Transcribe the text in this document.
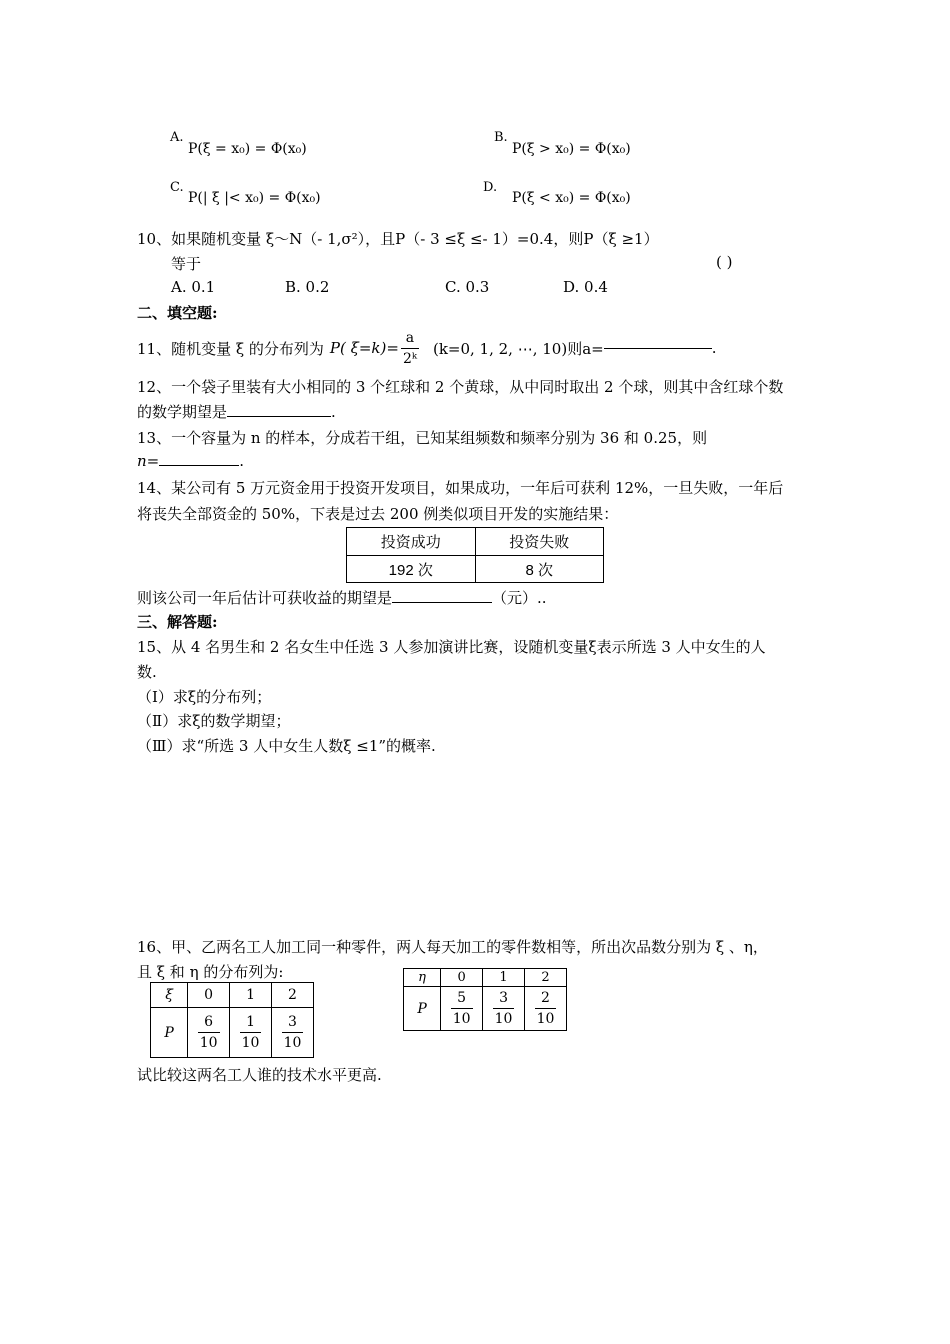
A.
P(ξ = x₀) = Φ(x₀)
B.
P(ξ > x₀) = Φ(x₀)
C.
P(| ξ |< x₀) = Φ(x₀)
D.
P(ξ < x₀) = Φ(x₀)
10、如果随机变量 ξ～N（- 1,σ²），且P（- 3 ≤ξ ≤- 1）=0.4，则P（ξ ≥1）
等于	( )
A. 0.1	B. 0.2	C. 0.3	D. 0.4
二、填空题:
11、随机变量 ξ 的分布列为 P( $\xi=k)= \frac{a}{\text{2ᵏ}} (k=0$, 1, 2, ⋯, 10)则a=	.
12、一个袋子里装有大小相同的 3 个红球和 2 个黄球，从中同时取出 2 个球，则其中含红球个数
的数学期望是	.
13、一个容量为 n 的样本，分成若干组，已知某组频数和频率分别为 36 和 0.25，则
n=	.
14、某公司有 5 万元资金用于投资开发项目，如果成功，一年后可获利 12%，一旦失败，一年后
将丧失全部资金的 50%，下表是过去 200 例类似项目开发的实施结果：
投资成功	投资失败
192 次	8 次
则该公司一年后估计可获收益的期望是	（元）..
三、解答题:
15、从 4 名男生和 2 名女生中任选 3 人参加演讲比赛，设随机变量ξ表示所选 3 人中女生的人
数.
（Ⅰ）求ξ的分布列；
（Ⅱ）求ξ的数学期望；
（Ⅲ）求“所选 3 人中女生人数ξ ≤1”的概率.
16、甲、乙两名工人加工同一种零件，两人每天加工的零件数相等，所出次品数分别为 ξ 、η，
且 ξ 和 η 的分布列为:
ξ	0	1	2
P	$\frac{6}{10}$	$\frac{1}{10}$	$\frac{3}{10}$
η	0	1	2
P	$\frac{5}{10}$	$\frac{3}{10}$	$\frac{2}{10}$
试比较这两名工人谁的技术水平更高.
